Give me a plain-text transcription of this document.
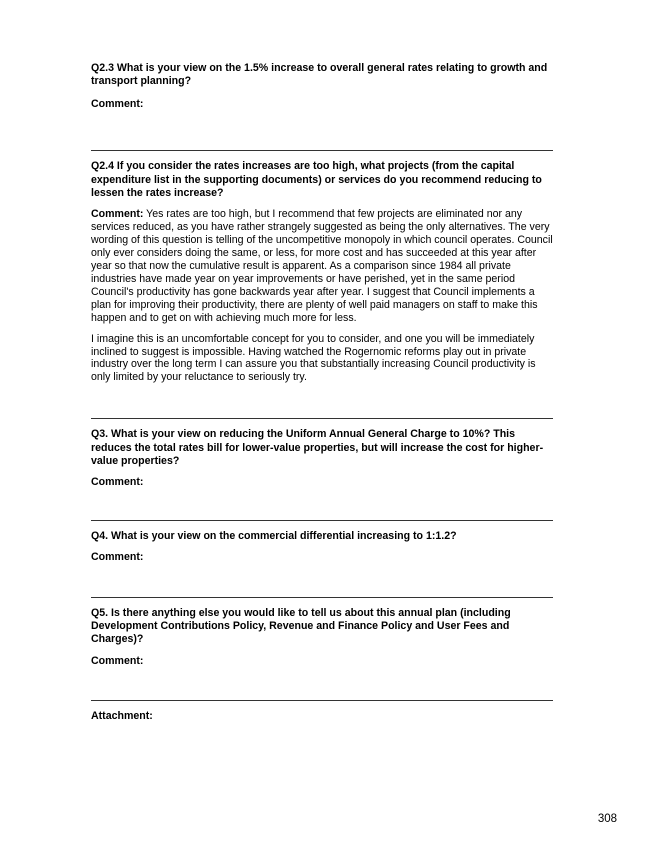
Q2.3 What is your view on the 1.5% increase to overall general rates relating to growth and transport planning?

Comment:

Q2.4 If you consider the rates increases are too high, what projects (from the capital expenditure list in the supporting documents) or services do you recommend reducing to lessen the rates increase?

Comment: Yes rates are too high, but I recommend that few projects are eliminated nor any services reduced, as you have rather strangely suggested as being the only alternatives. The very wording of this question is telling of the uncompetitive monopoly in which council operates. Council only ever considers doing the same, or less, for more cost and has succeeded at this year after year so that now the cumulative result is apparent. As a comparison since 1984 all private industries have made year on year improvements or have perished, yet in the same period Council's productivity has gone backwards year after year. I suggest that Council implements a plan for improving their productivity, there are plenty of well paid managers on staff to make this happen and to get on with achieving much more for less.

I imagine this is an uncomfortable concept for you to consider, and one you will be immediately inclined to suggest is impossible. Having watched the Rogernomic reforms play out in private industry over the long term I can assure you that substantially increasing Council productivity is only limited by your reluctance to seriously try.

Q3. What is your view on reducing the Uniform Annual General Charge to 10%? This reduces the total rates bill for lower-value properties, but will increase the cost for higher-value properties?

Comment:

Q4. What is your view on the commercial differential increasing to 1:1.2?

Comment:

Q5. Is there anything else you would like to tell us about this annual plan (including Development Contributions Policy, Revenue and Finance Policy and User Fees and Charges)?

Comment:

Attachment:

308
